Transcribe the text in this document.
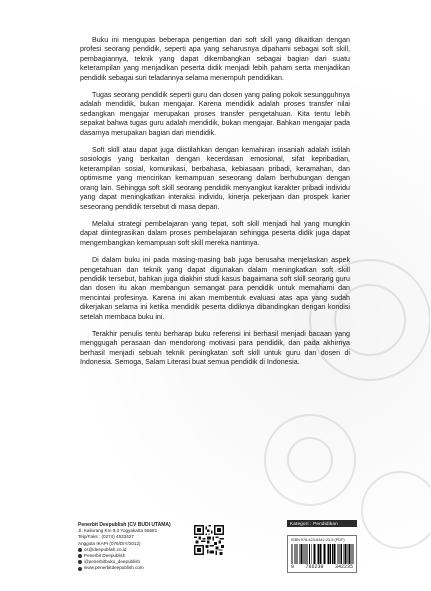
Buku ini mengupas beberapa pengertian dari soft skill yang dikaitkan dengan profesi seorang pendidik, seperti apa yang seharusnya dipahami sebagai soft skill, pembagiannya, teknik yang dapat dikembangkan sebagai bagian dari suatu keterampilan yang menjadikan peserta didik menjadi lebih paham serta menjadikan pendidik sebagai suri teladannya selama menempuh pendidikan.

Tugas seorang pendidik seperti guru dan dosen yang paling pokok sesungguhnya adalah mendidik, bukan mengajar. Karena mendidik adalah proses transfer nilai sedangkan mengajar merupakan proses transfer pengetahuan. Kita tentu lebih sepakat bahwa tugas guru adalah mendidik, bukan mengajar. Bahkan mengajar pada dasarnya merupakan bagian dari mendidik.

Soft skill atau dapat juga diistilahkan dengan kemahiran insaniah adalah istilah sosiologis yang berkaitan dengan kecerdasan emosional, sifat kepribadian, keterampilan sosial, komunikasi, berbahasa, kebiasaan pribadi, keramahan, dan optimisme yang mencirikan kemampuan seseorang dalam berhubungan dengan orang lain. Sehingga soft skill seorang pendidik menyangkut karakter pribadi individu yang dapat meningkatkan interaksi individu, kinerja pekerjaan dan prospek karier seseorang pendidik tersebut di masa depan.

Melalui strategi pembelajaran yang tepat, soft skill menjadi hal yang mungkin dapat diintegrasikan dalam proses pembelajaran sehingga peserta didik juga dapat mengembangkan kemampuan soft skill mereka nantinya.

Di dalam buku ini pada masing-masing bab juga berusaha menjelaskan aspek pengetahuan dan teknik yang dapat digunakan dalam meningkatkan soft skill pendidik tersebut, bahkan juga diakhiri studi kasus bagaimana soft skill seorang guru dan dosen itu akan membangun semangat para pendidik untuk memahami dan mencintai profesinya. Karena ini akan membentuk evaluasi atas apa yang sudah dikerjakan selama ini ketika mendidik peserta didiknya dibandingkan dengan kondisi setelah membaca buku ini.

Terakhir penulis tentu berharap buku referensi ini berhasil menjadi bacaan yang menggugah perasaan dan mendorong motivasi para pendidik, dan pada akhirnya berhasil menjadi sebuah teknik peningkatan soft skill untuk guru dan dosen di Indonesia. Semoga, Salam Literasi buat semua pendidik di Indonesia.

Penerbit Deepublish (CV BUDI UTAMA)
Jl. Kaliurang Km 9,3 Yogyakarta 55581
Telp/Faks : (0274) 4533427
Anggota IKAPI (076/DIY/2012)
cs@deepublish.co.id
Penerbit Deepublish
@penerbitbuku_deepublish
www.penerbitdeepublish.com
Kategori : Pendidikan
ISBN 978-623-8342-23-5 (PDF)
9 786238 342235
